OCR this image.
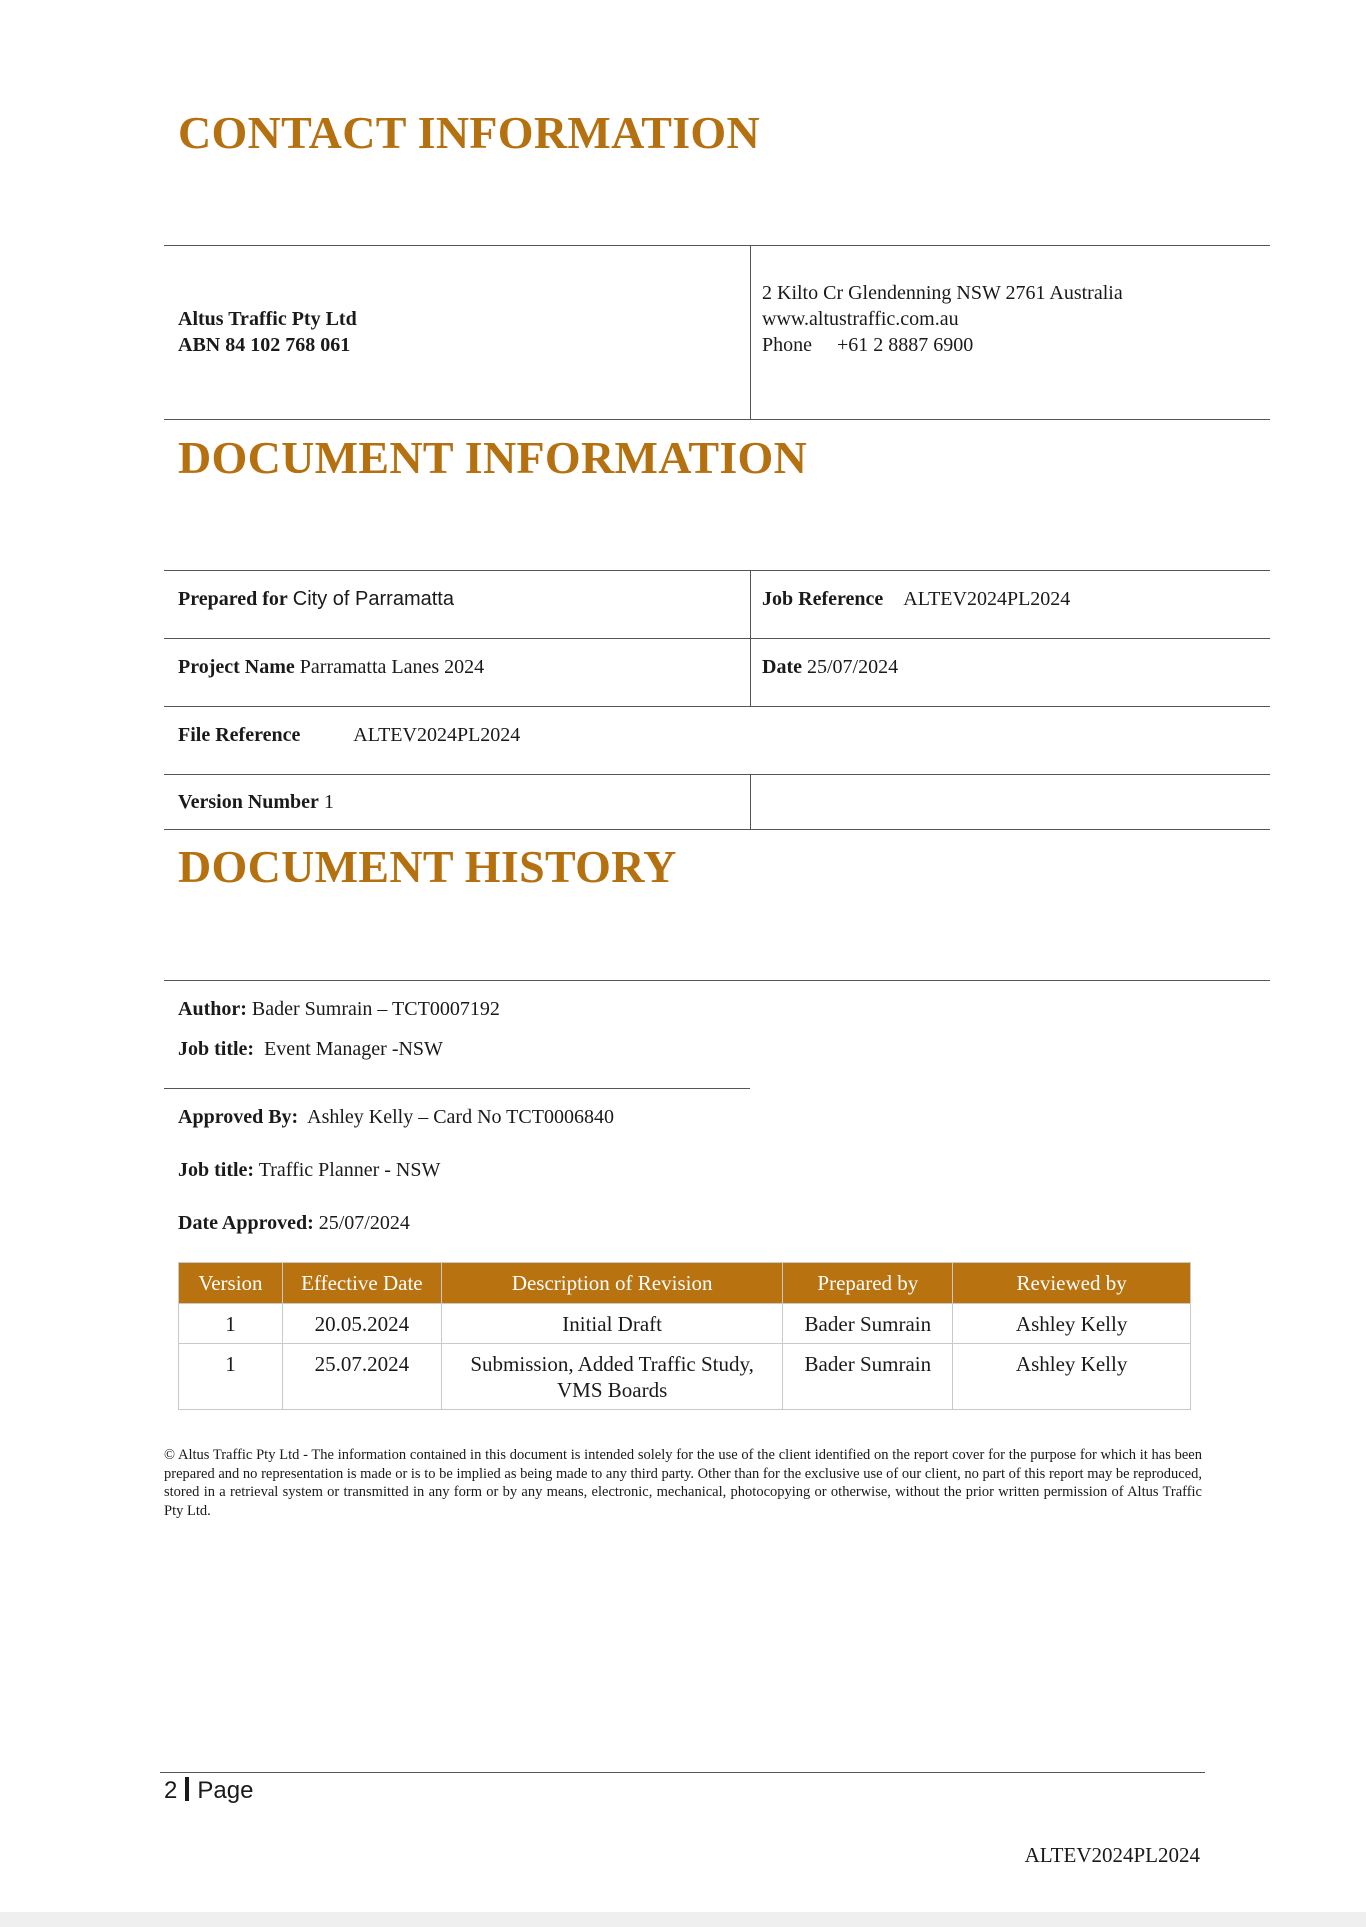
CONTACT INFORMATION
Altus Traffic Pty Ltd
ABN 84 102 768 061
2 Kilto Cr Glendenning NSW 2761 Australia
www.altustraffic.com.au
Phone +61 2 8887 6900
DOCUMENT INFORMATION
Prepared for City of Parramatta	Job Reference ALTEV2024PL2024
Project Name Parramatta Lanes 2024	Date 25/07/2024
File Reference	ALTEV2024PL2024
Version Number 1
DOCUMENT HISTORY
Author: Bader Sumrain – TCT0007192
Job title: Event Manager -NSW
Approved By: Ashley Kelly – Card No TCT0006840
Job title: Traffic Planner - NSW
Date Approved: 25/07/2024
Version	Effective Date	Description of Revision	Prepared by	Reviewed by
1	20.05.2024	Initial Draft	Bader Sumrain	Ashley Kelly
1	25.07.2024	Submission, Added Traffic Study, VMS Boards	Bader Sumrain	Ashley Kelly
© Altus Traffic Pty Ltd - The information contained in this document is intended solely for the use of the client identified on the report cover for the purpose for which it has been prepared and no representation is made or is to be implied as being made to any third party. Other than for the exclusive use of our client, no part of this report may be reproduced, stored in a retrieval system or transmitted in any form or by any means, electronic, mechanical, photocopying or otherwise, without the prior written permission of Altus Traffic Pty Ltd.
2 Page
ALTEV2024PL2024
